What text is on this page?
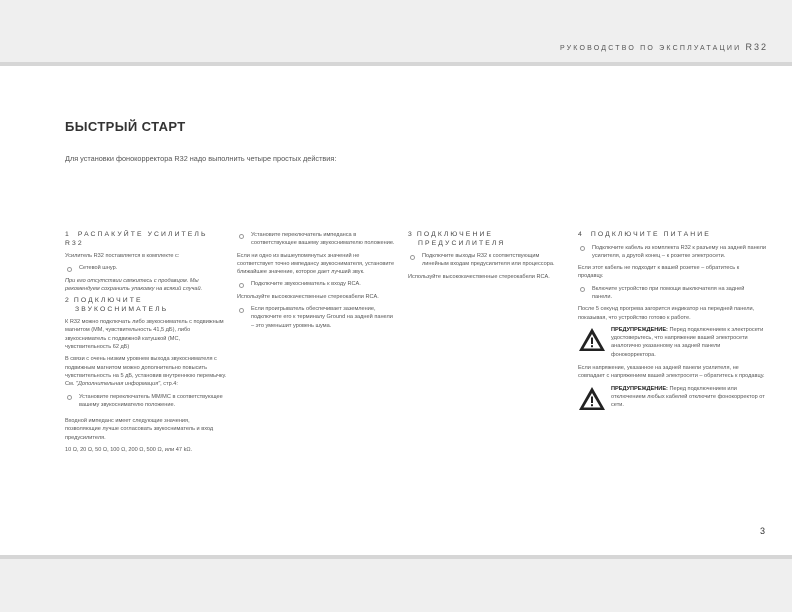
РУКОВОДСТВО ПО ЭКСПЛУАТАЦИИ R32
БЫСТРЫЙ СТАРТ

Для установки фонокорректора R32 надо выполнить четыре простых действия:

1 РАСПАКУЙТЕ УСИЛИТЕЛЬ R32
Усилитель R32 поставляется в комплекте с:
Сетевой шнур.
При его отсутствии свяжитесь с продавцом. Мы рекомендуем сохранить упаковку на всякий случай.
2 ПОДКЛЮЧИТЕ
ЗВУКОСНИМАТЕЛЬ
К R32 можно подключать либо звукосниматель с подвижным магнитом (MM, чувствительность 41,5 дБ), либо звукосниматель с подвижной катушкой (MC, чувствительность 62 дБ)
В связи с очень низким уровнем выхода звукоснимателя с подвижным магнитом можно дополнительно повысить чувствительность на 5 дБ, установив внутреннюю перемычку. См. "Дополнительная информация", стр.4:
Установите переключатель MM/MC в соответствующее вашему звукоснимателю положение.
Входной импеданс имеет следующие значения, позволяющие лучше согласовать звукосниматель и вход предусилителя.
10 Ω, 20 Ω, 50 Ω, 100 Ω, 200 Ω, 500 Ω, или 47 kΩ.
Установите переключатель импеданса в соответствующее вашему звукоснимателю положение.
Если ни одно из вышеупомянутых значений не соответствует точно импедансу звукоснимателя, установите ближайшее значение, которое дает лучший звук.
Подключите звукосниматель к входу RCA.
Используйте высококачественные стереокабели RCA.
Если проигрыватель обеспечивает заземление, подключите его к терминалу Ground на задней панели – это уменьшит уровень шума.
3 ПОДКЛЮЧЕНИЕ
ПРЕДУСИЛИТЕЛЯ
Подключите выходы R32 к соответствующим линейным входам предусилителя или процессора.
Используйте высококачественные стереокабели RCA.
4 ПОДКЛЮЧИТЕ ПИТАНИЕ
Подключите кабель из комплекта R32 к разъему на задней панели усилителя, а другой конец – к розетке электросети.
Если этот кабель не подходит к вашей розетке – обратитесь к продавцу.
Включите устройство при помощи выключателя на задней панели.
После 5 секунд прогрева загорится индикатор на передней панели, показывая, что устройство готово к работе.
ПРЕДУПРЕЖДЕНИЕ: Перед подключением к электросети удостоверьтесь, что напряжение вашей электросети аналогично указанному на задней панели фонокорректора.
Если напряжение, указанное на задней панели усилителя, не совпадает с напряжением вашей электросети – обратитесь к продавцу.
ПРЕДУПРЕЖДЕНИЕ: Перед подключением или отключением любых кабелей отключите фонокорректор от сети.
3
